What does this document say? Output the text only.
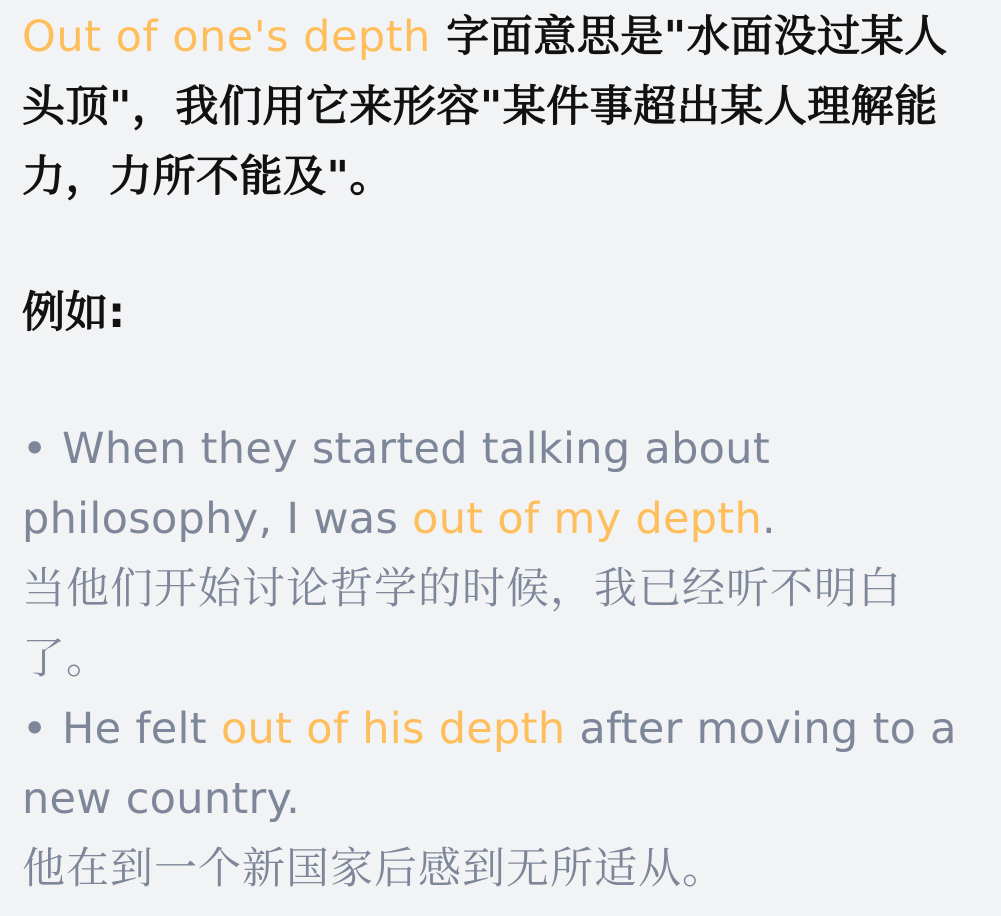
Out of one's depth 字面意思是"水面没过某人头顶"，我们用它来形容"某件事超出某人理解能力，力所不能及"。

例如:

• When they started talking about philosophy, I was out of my depth.

当他们开始讨论哲学的时候，我已经听不明白了。

• He felt out of his depth after moving to a new country.

他在到一个新国家后感到无所适从。
